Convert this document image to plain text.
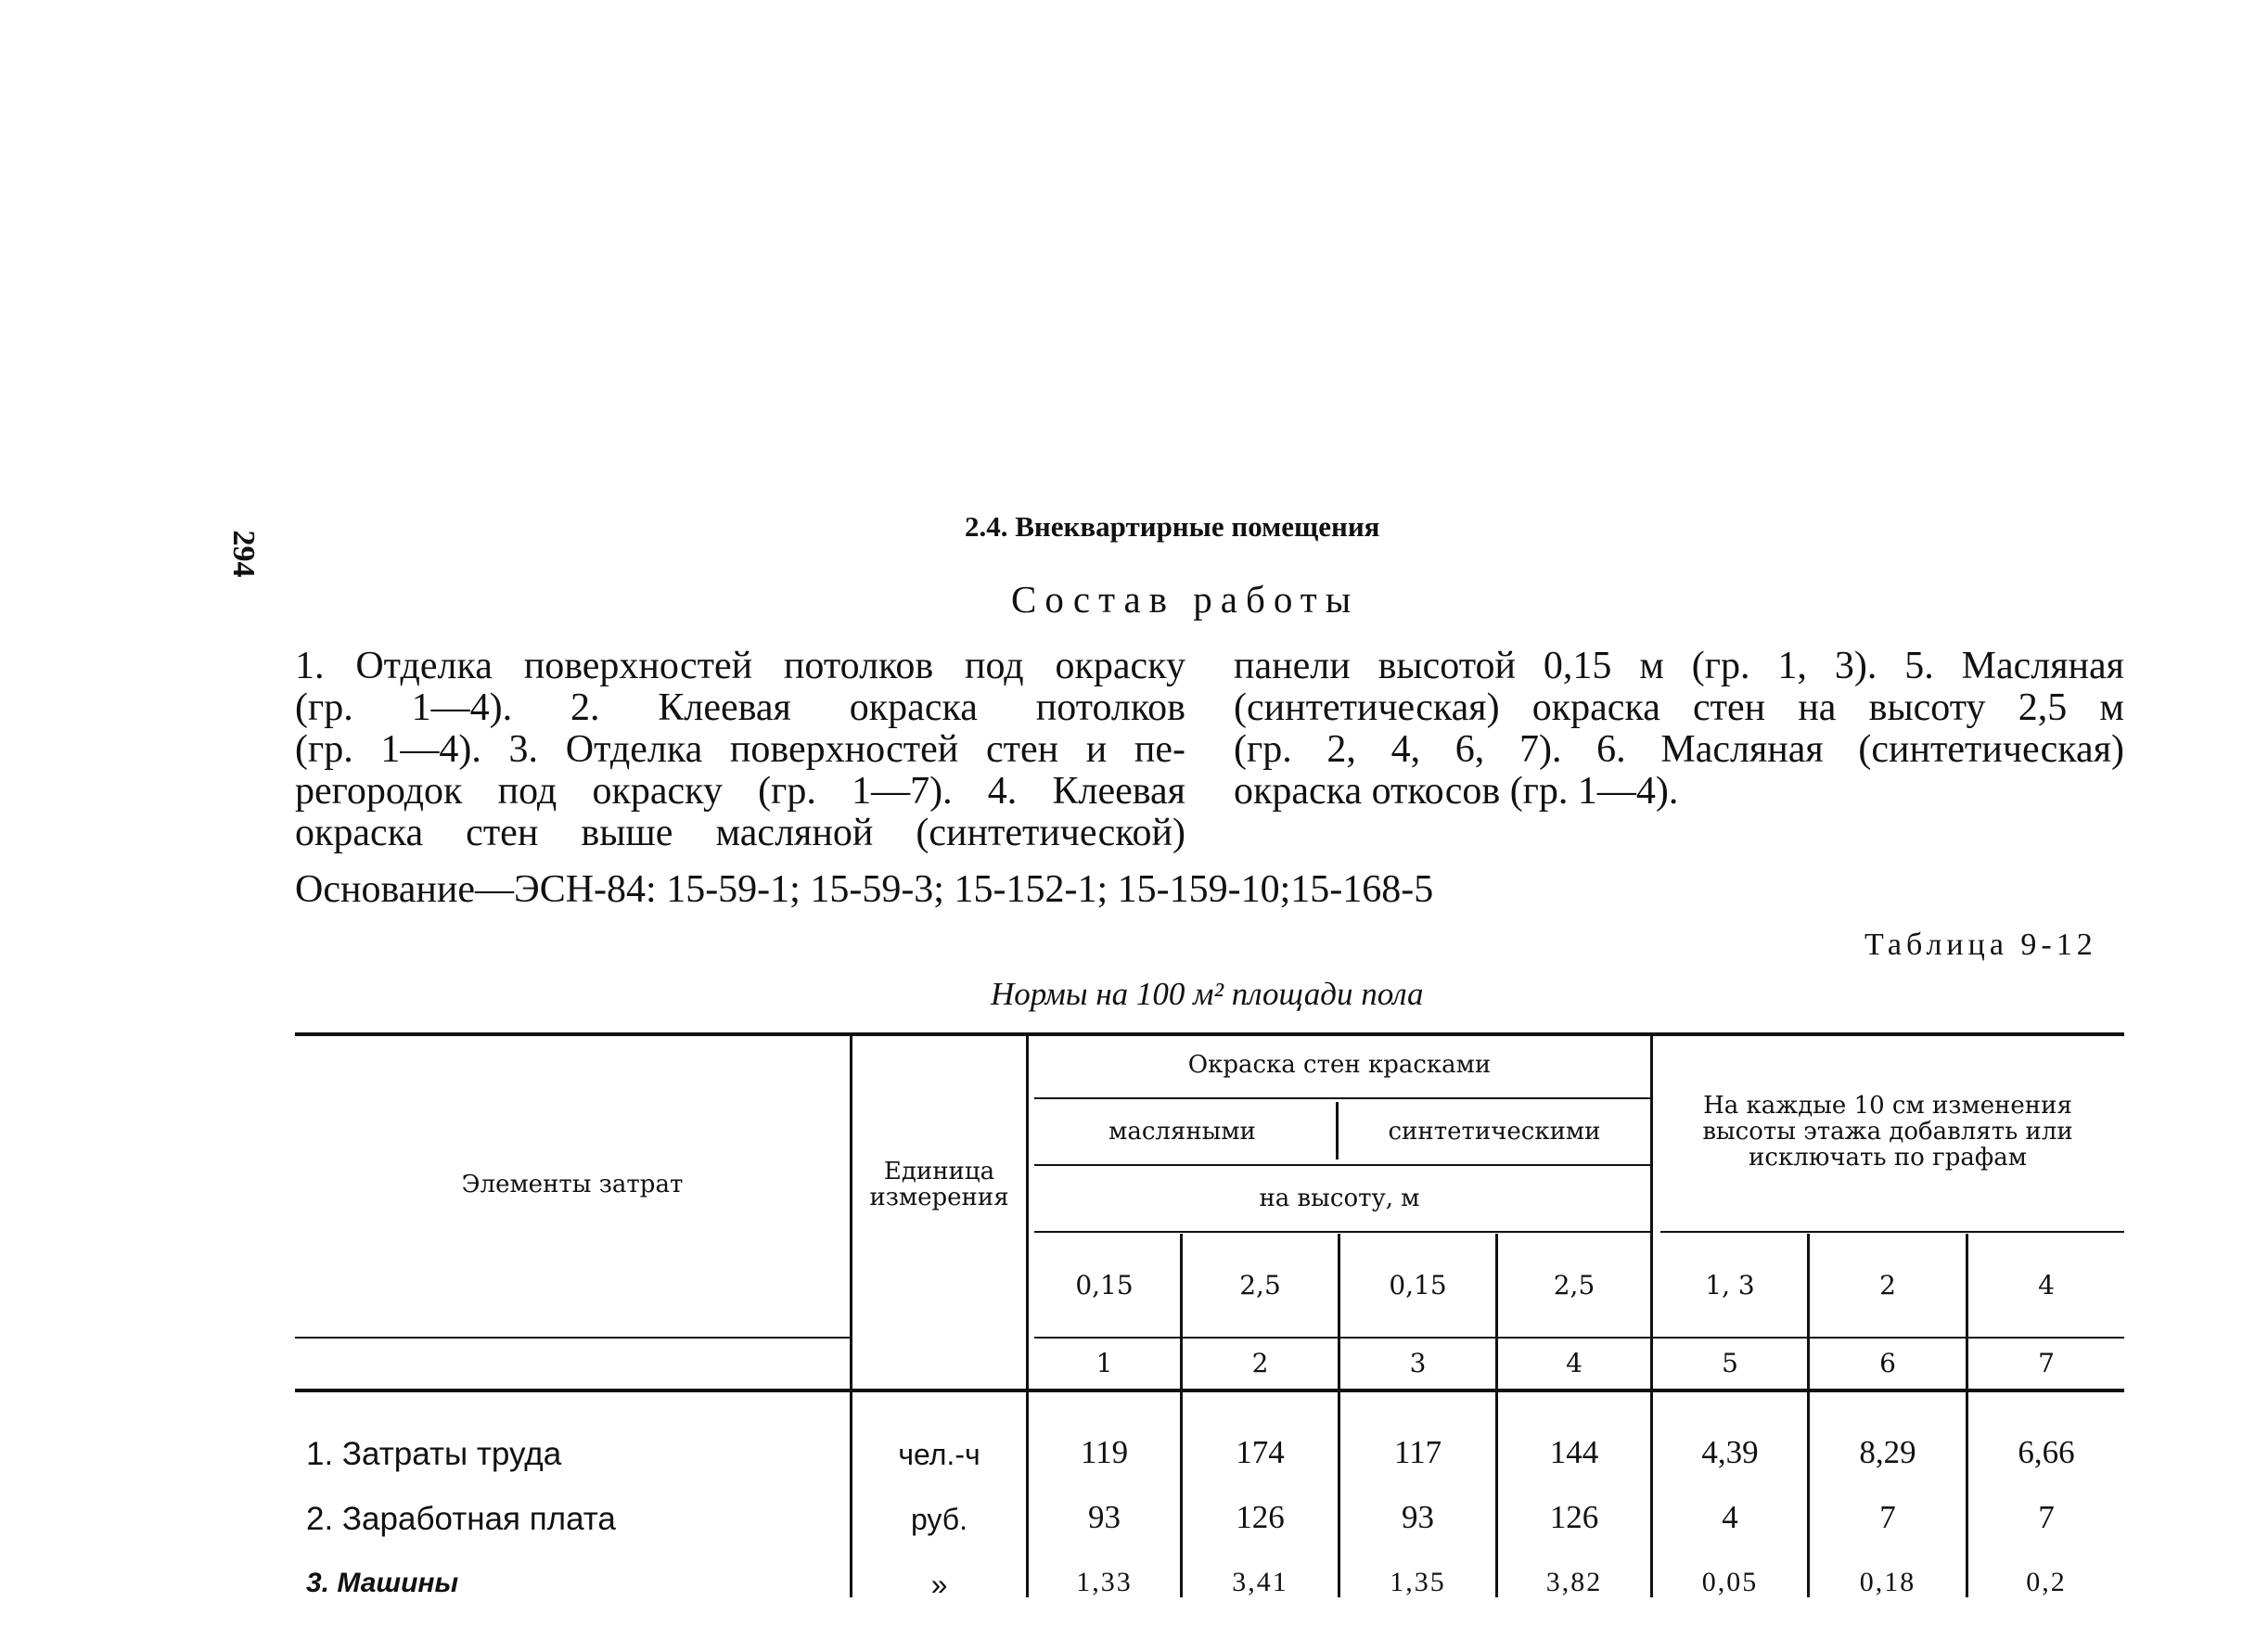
294
2.4. Внеквартирные помещения
Состав работы
1. Отделка поверхностей потолков под окраску
(гр. 1—4). 2. Клеевая окраска потолков
(гр. 1—4). 3. Отделка поверхностей стен и пе-
регородок под окраску (гр. 1—7). 4. Клеевая
окраска стен выше масляной (синтетической)
панели высотой 0,15 м (гр. 1, 3). 5. Масляная
(синтетическая) окраска стен на высоту 2,5 м
(гр. 2, 4, 6, 7). 6. Масляная (синтетическая)
окраска откосов (гр. 1—4).
Основание—ЭСН-84: 15-59-1; 15-59-3; 15-152-1; 15-159-10;15-168-5
Таблица 9-12
Нормы на 100 м² площади пола
Элементы затрат	Единица измерения
Окраска стен красками
масляными	синтетическими
на высоту, м
На каждые 10 см изменения высоты этажа добавлять или исключать по графам
0,15	2,5	0,15	2,5	1, 3	2	4
1	2	3	4	5	6	7
1. Затраты труда	чел.-ч	119	174	117	144	4,39	8,29	6,66
2. Заработная плата	руб.	93	126	93	126	4	7	7
3. Машины	»	1,33	3,41	1,35	3,82	0,05	0,18	0,2
